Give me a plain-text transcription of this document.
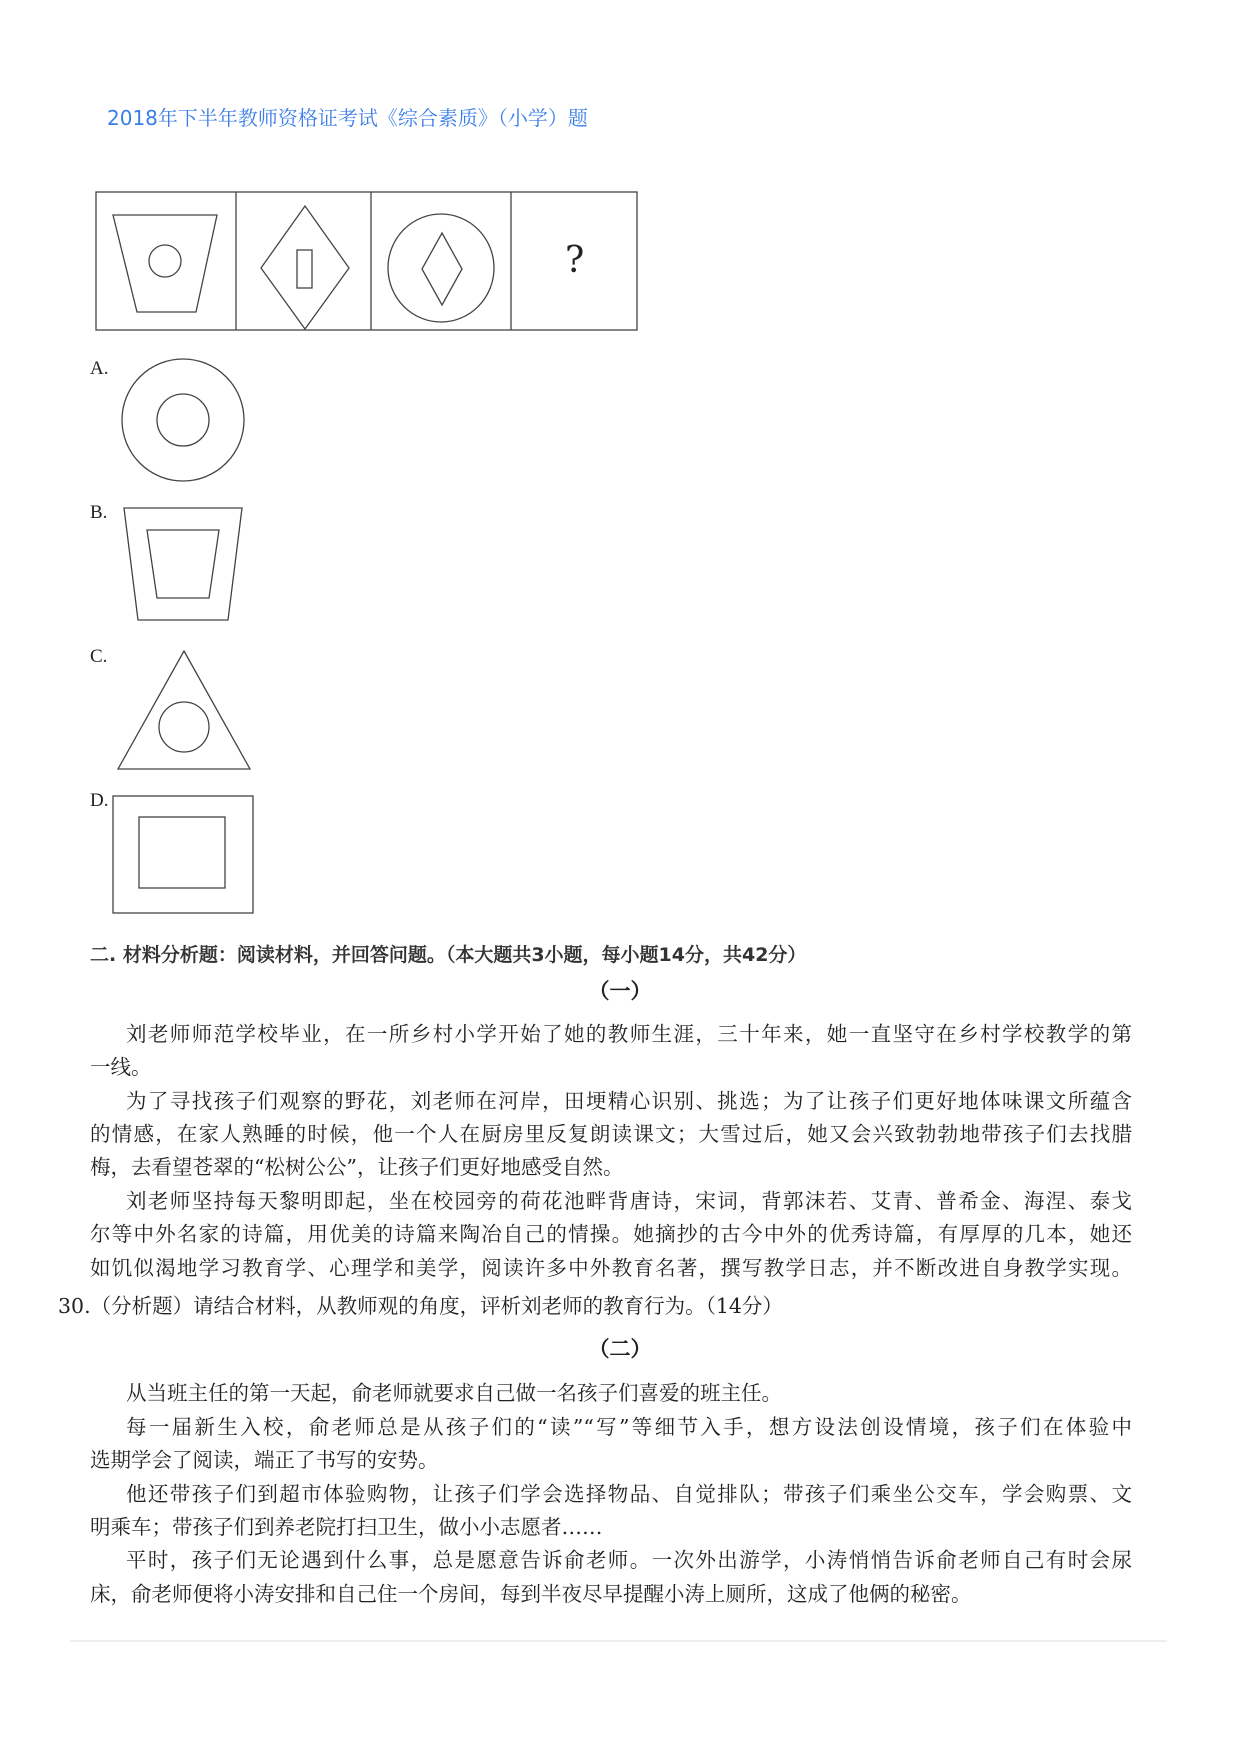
2018年下半年教师资格证考试《综合素质》（小学）题
?
A.
B.
C.
D.
二. 材料分析题：阅读材料，并回答问题。（本大题共3小题，每小题14分，共42分）
（一）
刘老师师范学校毕业，在一所乡村小学开始了她的教师生涯，三十年来，她一直坚守在乡村学校教学的第
一线。
为了寻找孩子们观察的野花，刘老师在河岸，田埂精心识别、挑选；为了让孩子们更好地体味课文所蕴含
的情感，在家人熟睡的时候，他一个人在厨房里反复朗读课文；大雪过后，她又会兴致勃勃地带孩子们去找腊
梅，去看望苍翠的“松树公公”，让孩子们更好地感受自然。
刘老师坚持每天黎明即起，坐在校园旁的荷花池畔背唐诗，宋词，背郭沫若、艾青、普希金、海涅、泰戈
尔等中外名家的诗篇，用优美的诗篇来陶冶自己的情操。她摘抄的古今中外的优秀诗篇，有厚厚的几本，她还
如饥似渴地学习教育学、心理学和美学，阅读许多中外教育名著，撰写教学日志，并不断改进自身教学实现。
30.（分析题）请结合材料，从教师观的角度，评析刘老师的教育行为。（14分）
（二）
从当班主任的第一天起，俞老师就要求自己做一名孩子们喜爱的班主任。
每一届新生入校，俞老师总是从孩子们的“读”“写”等细节入手，想方设法创设情境，孩子们在体验中
选期学会了阅读，端正了书写的安势。
他还带孩子们到超市体验购物，让孩子们学会选择物品、自觉排队；带孩子们乘坐公交车，学会购票、文
明乘车；带孩子们到养老院打扫卫生，做小小志愿者……
平时，孩子们无论遇到什么事，总是愿意告诉俞老师。一次外出游学，小涛悄悄告诉俞老师自己有时会尿
床，俞老师便将小涛安排和自己住一个房间，每到半夜尽早提醒小涛上厕所，这成了他俩的秘密。
